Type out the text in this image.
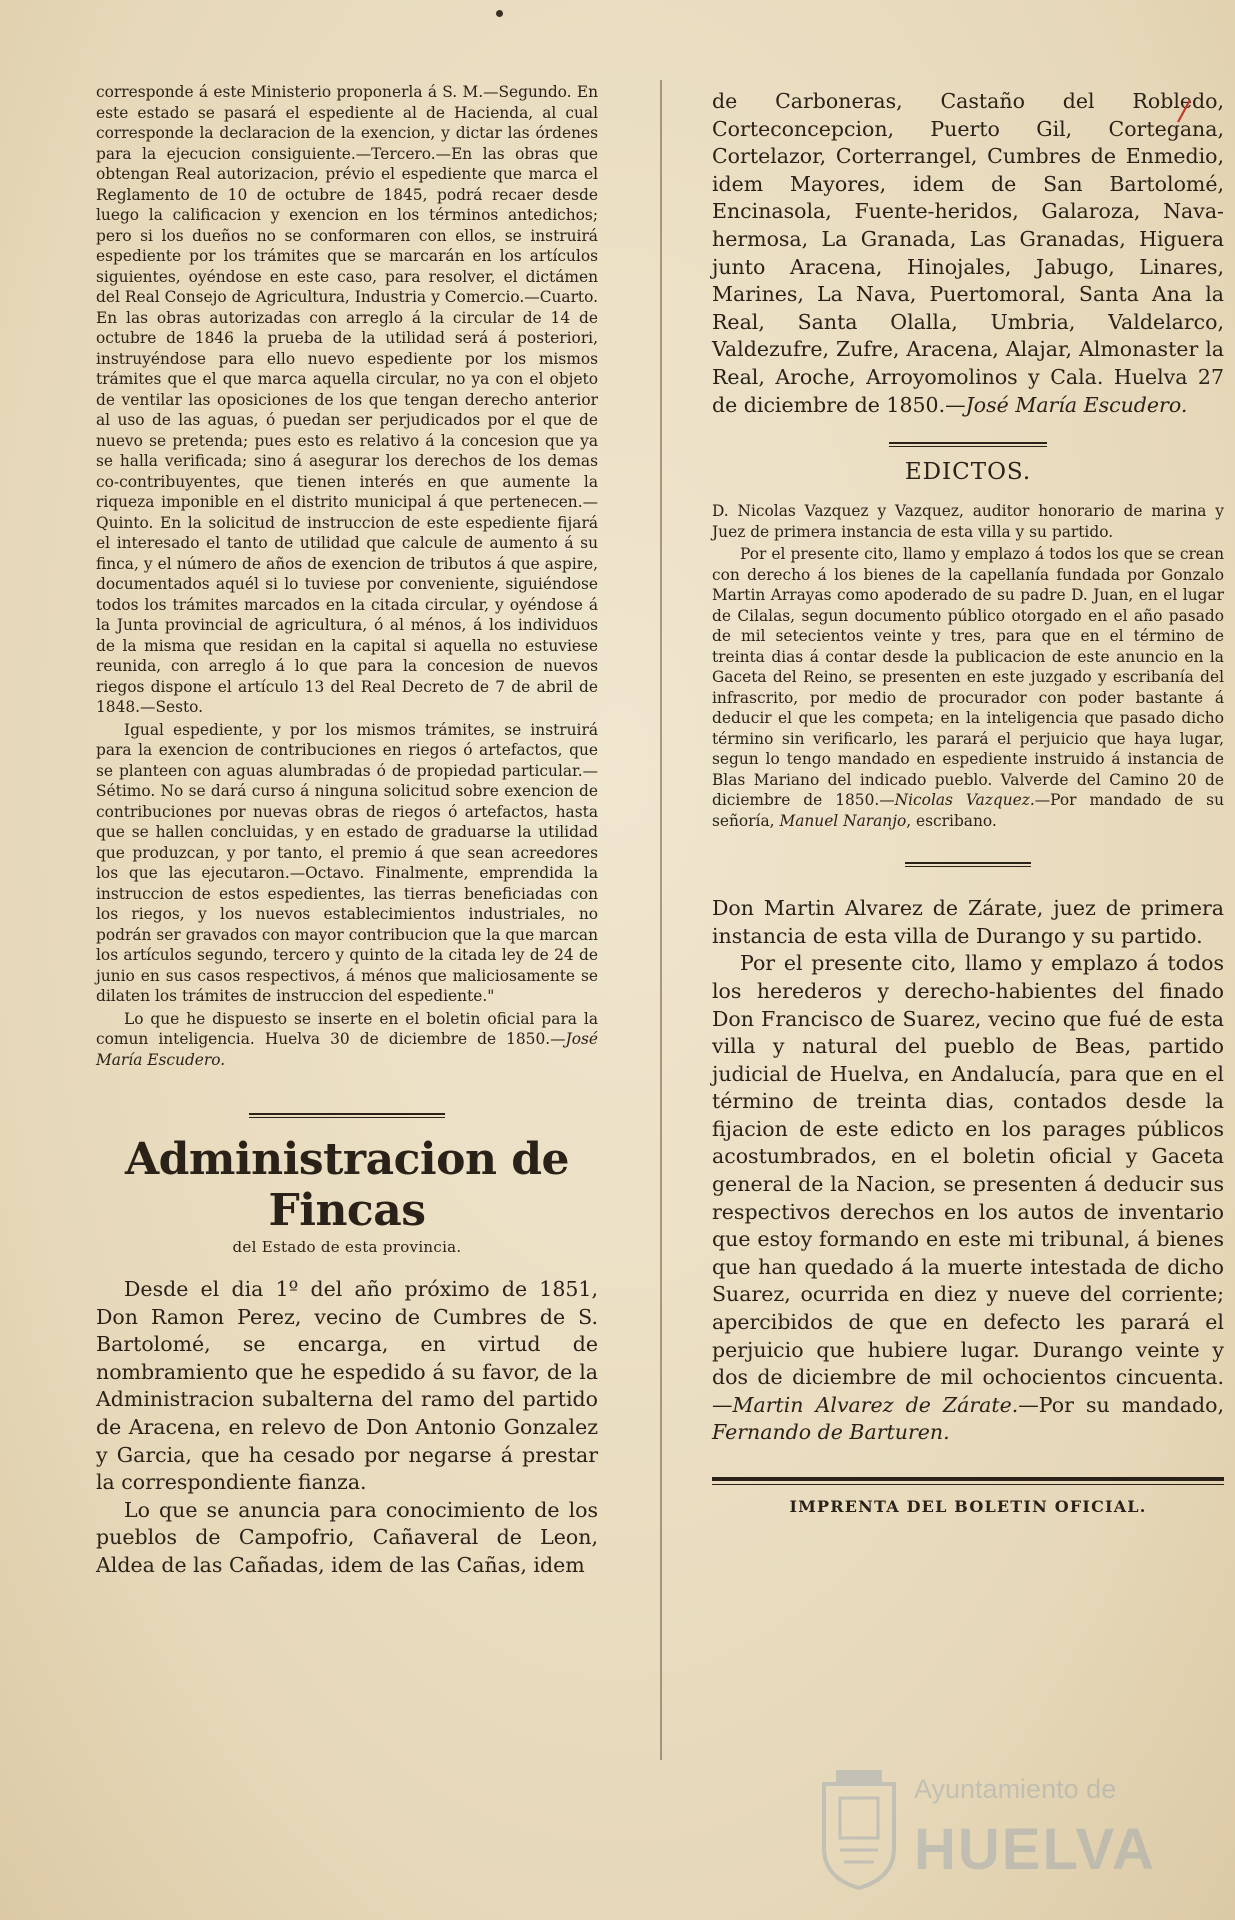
corresponde á este Ministerio proponerla á S. M.—Segundo. En este estado se pasará el espediente al de Hacienda, al cual corresponde la declaracion de la exencion, y dictar las órdenes para la ejecucion consiguiente.—Tercero.—En las obras que obtengan Real autorizacion, prévio el espediente que marca el Reglamento de 10 de octubre de 1845, podrá recaer desde luego la calificacion y exencion en los términos antedichos; pero si los dueños no se conformaren con ellos, se instruirá espediente por los trámites que se marcarán en los artículos siguientes, oyéndose en este caso, para resolver, el dictámen del Real Consejo de Agricultura, Industria y Comercio.—Cuarto. En las obras autorizadas con arreglo á la circular de 14 de octubre de 1846 la prueba de la utilidad será á posteriori, instruyéndose para ello nuevo espediente por los mismos trámites que el que marca aquella circular, no ya con el objeto de ventilar las oposiciones de los que tengan derecho anterior al uso de las aguas, ó puedan ser perjudicados por el que de nuevo se pretenda; pues esto es relativo á la concesion que ya se halla verificada; sino á asegurar los derechos de los demas co-contribuyentes, que tienen interés en que aumente la riqueza imponible en el distrito municipal á que pertenecen.—Quinto. En la solicitud de instruccion de este espediente fijará el interesado el tanto de utilidad que calcule de aumento á su finca, y el número de años de exencion de tributos á que aspire, documentados aquél si lo tuviese por conveniente, siguiéndose todos los trámites marcados en la citada circular, y oyéndose á la Junta provincial de agricultura, ó al ménos, á los individuos de la misma que residan en la capital si aquella no estuviese reunida, con arreglo á lo que para la concesion de nuevos riegos dispone el artículo 13 del Real Decreto de 7 de abril de 1848.—Sesto.

Igual espediente, y por los mismos trámites, se instruirá para la exencion de contribuciones en riegos ó artefactos, que se planteen con aguas alumbradas ó de propiedad particular.—Sétimo. No se dará curso á ninguna solicitud sobre exencion de contribuciones por nuevas obras de riegos ó artefactos, hasta que se hallen concluidas, y en estado de graduarse la utilidad que produzcan, y por tanto, el premio á que sean acreedores los que las ejecutaron.—Octavo. Finalmente, emprendida la instruccion de estos espedientes, las tierras beneficiadas con los riegos, y los nuevos establecimientos industriales, no podrán ser gravados con mayor contribucion que la que marcan los artículos segundo, tercero y quinto de la citada ley de 24 de junio en sus casos respectivos, á ménos que maliciosamente se dilaten los trámites de instruccion del espediente."

Lo que he dispuesto se inserte en el boletin oficial para la comun inteligencia. Huelva 30 de diciembre de 1850.—José María Escudero.

Administracion de Fincas
del Estado de esta provincia.

Desde el dia 1º del año próximo de 1851, Don Ramon Perez, vecino de Cumbres de S. Bartolomé, se encarga, en virtud de nombramiento que he espedido á su favor, de la Administracion subalterna del ramo del partido de Aracena, en relevo de Don Antonio Gonzalez y Garcia, que ha cesado por negarse á prestar la correspondiente fianza.

Lo que se anuncia para conocimiento de los pueblos de Campofrio, Cañaveral de Leon, Aldea de las Cañadas, idem de las Cañas, idem

de Carboneras, Castaño del Robledo, Corteconcepcion, Puerto Gil, Cortegana, Cortelazor, Corterrangel, Cumbres de Enmedio, idem Mayores, idem de San Bartolomé, Encinasola, Fuente-heridos, Galaroza, Nava-hermosa, La Granada, Las Granadas, Higuera junto Aracena, Hinojales, Jabugo, Linares, Marines, La Nava, Puertomoral, Santa Ana la Real, Santa Olalla, Umbria, Valdelarco, Valdezufre, Zufre, Aracena, Alajar, Almonaster la Real, Aroche, Arroyomolinos y Cala. Huelva 27 de diciembre de 1850.—José María Escudero.

EDICTOS.

D. Nicolas Vazquez y Vazquez, auditor honorario de marina y Juez de primera instancia de esta villa y su partido.

Por el presente cito, llamo y emplazo á todos los que se crean con derecho á los bienes de la capellanía fundada por Gonzalo Martin Arrayas como apoderado de su padre D. Juan, en el lugar de Cilalas, segun documento público otorgado en el año pasado de mil setecientos veinte y tres, para que en el término de treinta dias á contar desde la publicacion de este anuncio en la Gaceta del Reino, se presenten en este juzgado y escribanía del infrascrito, por medio de procurador con poder bastante á deducir el que les competa; en la inteligencia que pasado dicho término sin verificarlo, les parará el perjuicio que haya lugar, segun lo tengo mandado en espediente instruido á instancia de Blas Mariano del indicado pueblo. Valverde del Camino 20 de diciembre de 1850.—Nicolas Vazquez.—Por mandado de su señoría, Manuel Naranjo, escribano.

Don Martin Alvarez de Zárate, juez de primera instancia de esta villa de Durango y su partido.

Por el presente cito, llamo y emplazo á todos los herederos y derecho-habientes del finado Don Francisco de Suarez, vecino que fué de esta villa y natural del pueblo de Beas, partido judicial de Huelva, en Andalucía, para que en el término de treinta dias, contados desde la fijacion de este edicto en los parages públicos acostumbrados, en el boletin oficial y Gaceta general de la Nacion, se presenten á deducir sus respectivos derechos en los autos de inventario que estoy formando en este mi tribunal, á bienes que han quedado á la muerte intestada de dicho Suarez, ocurrida en diez y nueve del corriente; apercibidos de que en defecto les parará el perjuicio que hubiere lugar. Durango veinte y dos de diciembre de mil ochocientos cincuenta.—Martin Alvarez de Zárate.—Por su mandado, Fernando de Barturen.

IMPRENTA DEL BOLETIN OFICIAL.
Ayuntamiento de
HUELVA
